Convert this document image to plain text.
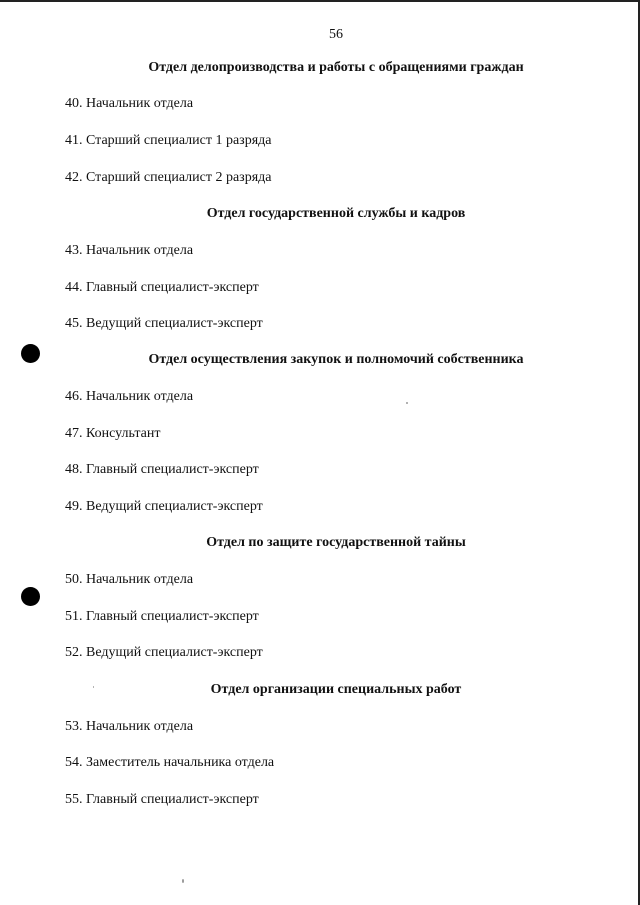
56
Отдел делопроизводства и работы с обращениями граждан
40. Начальник отдела
41. Старший специалист 1 разряда
42. Старший специалист 2 разряда
Отдел государственной службы и кадров
43. Начальник отдела
44. Главный специалист-эксперт
45. Ведущий специалист-эксперт
Отдел осуществления закупок и полномочий собственника
46. Начальник отдела
47. Консультант
48. Главный специалист-эксперт
49. Ведущий специалист-эксперт
Отдел по защите государственной тайны
50. Начальник отдела
51. Главный специалист-эксперт
52. Ведущий специалист-эксперт
Отдел организации специальных работ
53. Начальник отдела
54. Заместитель начальника отдела
55. Главный специалист-эксперт
